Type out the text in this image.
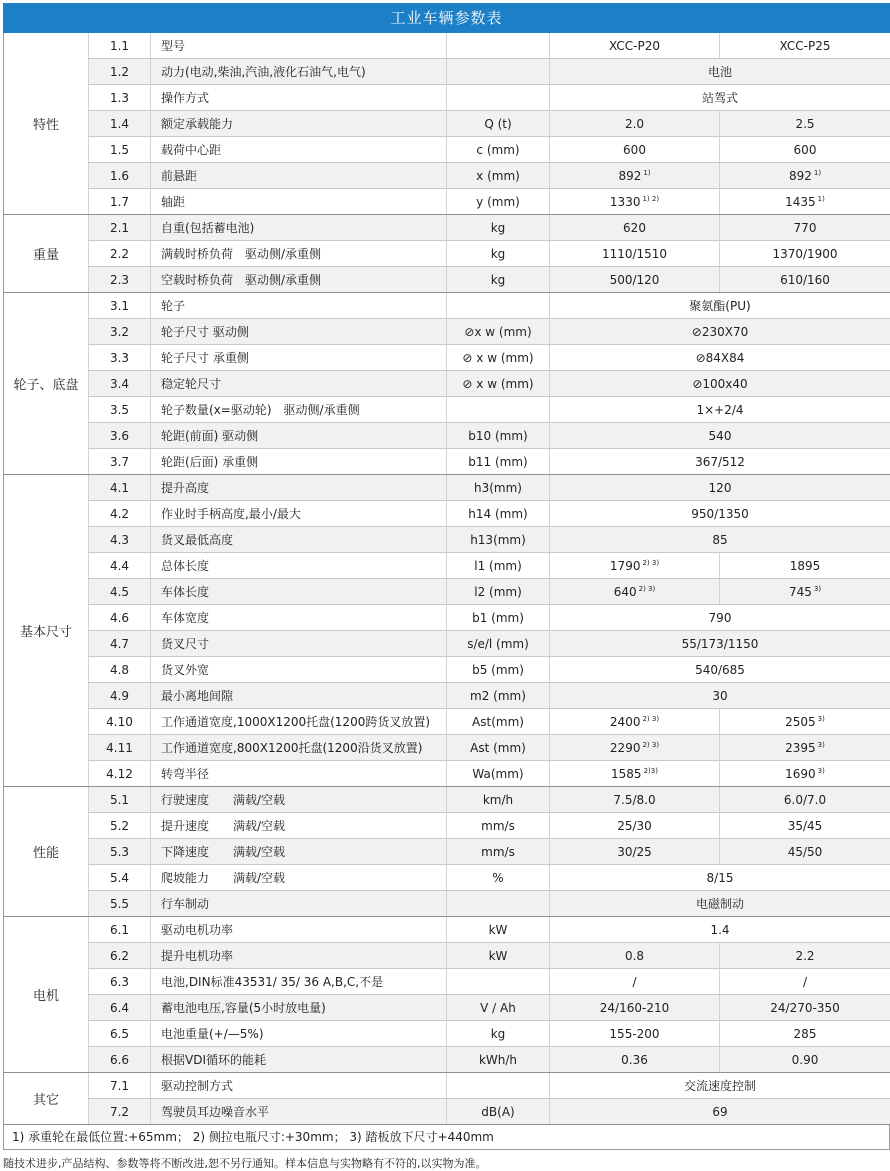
工业车辆参数表
特性	1.1	型号		XCC-P20	XCC-P25
	1.2	动力(电动,柴油,汽油,液化石油气,电气)		电池	
	1.3	操作方式		站驾式	
	1.4	额定承载能力	Q (t)	2.0	2.5
	1.5	载荷中心距	c (mm)	600	600
	1.6	前悬距	x (mm)	892 $^{1)}$	892 $^{1)}$
	1.7	轴距	y (mm)	1330 $^{1) 2)}$	1435 $^{1)}$
重量	2.1	自重(包括蓄电池)	kg	620	770
	2.2	满载时桥负荷　驱动侧/承重侧	kg	1110/1510	1370/1900
	2.3	空载时桥负荷　驱动侧/承重侧	kg	500/120	610/160
轮子、底盘	3.1	轮子		聚氨酯(PU)	
	3.2	轮子尺寸 驱动侧	⊘x w (mm)	⊘230X70	
	3.3	轮子尺寸 承重侧	⊘ x w (mm)	⊘84X84	
	3.4	稳定轮尺寸	⊘ x w (mm)	⊘100x40	
	3.5	轮子数量(x=驱动轮)　驱动侧/承重侧		1×+2/4	
	3.6	轮距(前面) 驱动侧	b10 (mm)	540	
	3.7	轮距(后面) 承重侧	b11 (mm)	367/512	
基本尺寸	4.1	提升高度	h3(mm)	120	
	4.2	作业时手柄高度,最小/最大	h14 (mm)	950/1350	
	4.3	货叉最低高度	h13(mm)	85	
	4.4	总体长度	l1 (mm)	1790 $^{2) 3)}$	1895
	4.5	车体长度	l2 (mm)	640 $^{2) 3)}$	745 $^{3)}$
	4.6	车体宽度	b1 (mm)	790	
	4.7	货叉尺寸	s/e/l (mm)	55/173/1150	
	4.8	货叉外宽	b5 (mm)	540/685	
	4.9	最小离地间隙	m2 (mm)	30	
	4.10	工作通道宽度,1000X1200托盘(1200跨货叉放置)	Ast(mm)	2400 $^{2) 3)}$	2505 $^{3)}$
	4.11	工作通道宽度,800X1200托盘(1200沿货叉放置)	Ast (mm)	2290 $^{2) 3)}$	2395 $^{3)}$
	4.12	转弯半径	Wa(mm)	1585 $^{2)3)}$	1690 $^{3)}$
性能	5.1	行驶速度　　满载/空载	km/h	7.5/8.0	6.0/7.0
	5.2	提升速度　　满载/空载	mm/s	25/30	35/45
	5.3	下降速度　　满载/空载	mm/s	30/25	45/50
	5.4	爬坡能力　　满载/空载	%	8/15	
	5.5	行车制动		电磁制动	
电机	6.1	驱动电机功率	kW	1.4	
	6.2	提升电机功率	kW	0.8	2.2
	6.3	电池,DIN标准43531/ 35/ 36 A,B,C,不是		/	/
	6.4	蓄电池电压,容量(5小时放电量)	V / Ah	24/160-210	24/270-350
	6.5	电池重量(+/—5%)	kg	155-200	285
	6.6	根据VDI循环的能耗	kWh/h	0.36	0.90
其它	7.1	驱动控制方式		交流速度控制	
	7.2	驾驶员耳边噪音水平	dB(A)	69	
1) 承重轮在最低位置:+65mm； 2) 侧拉电瓶尺寸:+30mm； 3) 踏板放下尺寸+440mm
随技术进步,产品结构、参数等将不断改进,恕不另行通知。样本信息与实物略有不符的,以实物为准。
